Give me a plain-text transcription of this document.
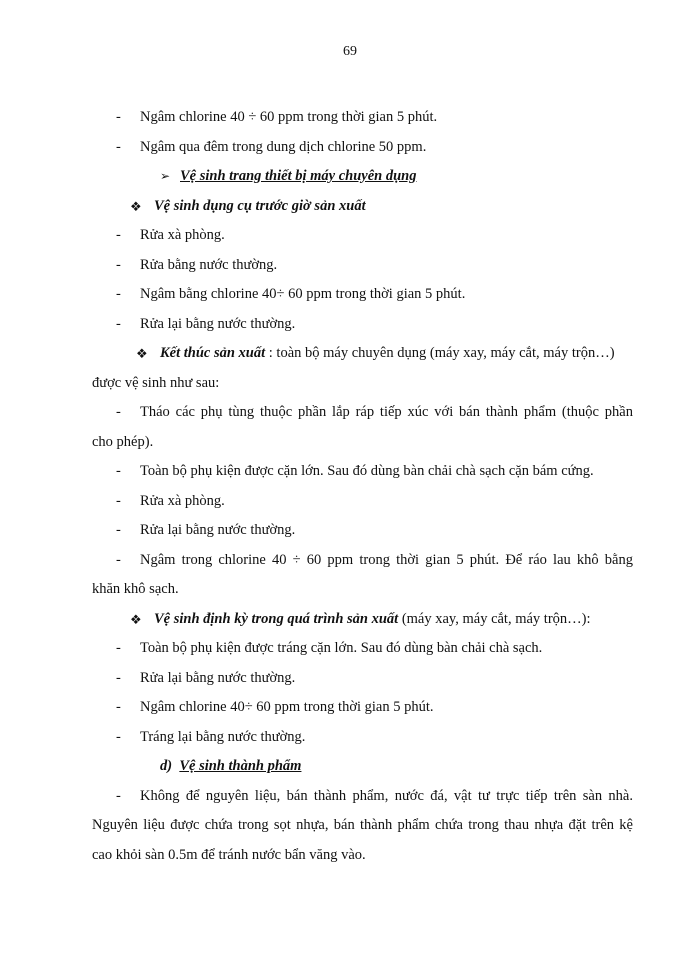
69
-	Ngâm chlorine 40 ÷ 60 ppm trong thời gian 5 phút.
-	Ngâm qua đêm trong dung dịch chlorine 50 ppm.
➢ Vệ sinh trang thiết bị máy chuyên dụng
❖ Vệ sinh dụng cụ trước giờ sản xuất
-	Rửa xà phòng.
-	Rửa bằng nước thường.
-	Ngâm bằng chlorine 40÷ 60 ppm trong thời gian 5 phút.
-	Rửa lại bằng nước thường.
❖ Kết thúc sản xuất : toàn bộ máy chuyên dụng (máy xay, máy cắt, máy trộn…)
được vệ sinh như sau:
-	Tháo các phụ tùng thuộc phần lắp ráp tiếp xúc với bán thành phẩm (thuộc phần
cho phép).
-	Toàn bộ phụ kiện được cặn lớn. Sau đó dùng bàn chải chà sạch cặn bám cứng.
-	Rửa xà phòng.
-	Rửa lại bằng nước thường.
-	Ngâm trong chlorine 40 ÷ 60 ppm trong thời gian 5 phút. Để ráo lau khô bằng
khăn khô sạch.
❖ Vệ sinh định kỳ trong quá trình sản xuất (máy xay, máy cắt, máy trộn…):
-	Toàn bộ phụ kiện được tráng cặn lớn. Sau đó dùng bàn chải chà sạch.
-	Rửa lại bằng nước thường.
-	Ngâm chlorine 40÷ 60 ppm trong thời gian 5 phút.
-	Tráng lại bằng nước thường.
d) Vệ sinh thành phẩm
-	Không để nguyên liệu, bán thành phẩm, nước đá, vật tư trực tiếp trên sàn nhà.
Nguyên liệu được chứa trong sọt nhựa, bán thành phẩm chứa trong thau nhựa đặt trên kệ
cao khỏi sàn 0.5m để tránh nước bẩn văng vào.
